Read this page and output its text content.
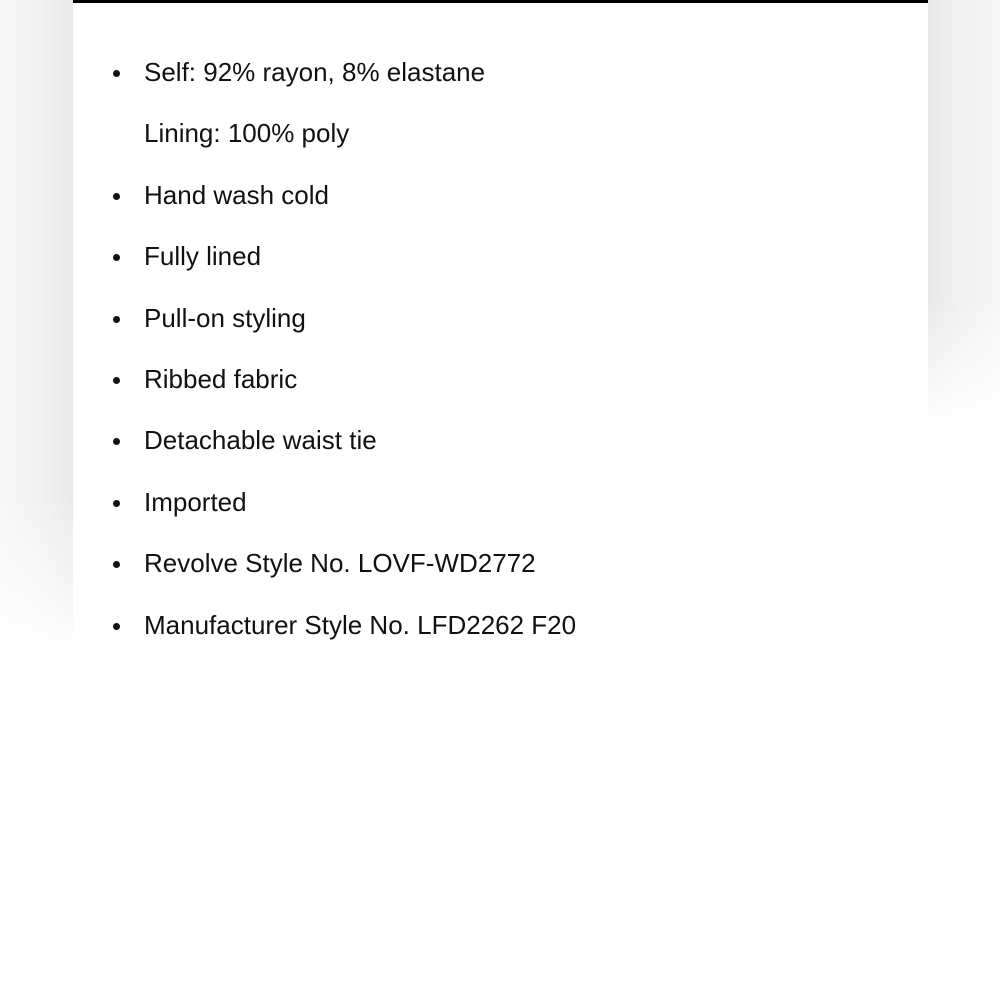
Self: 92% rayon, 8% elastane
Lining: 100% poly
Hand wash cold
Fully lined
Pull-on styling
Ribbed fabric
Detachable waist tie
Imported
Revolve Style No. LOVF-WD2772
Manufacturer Style No. LFD2262 F20
